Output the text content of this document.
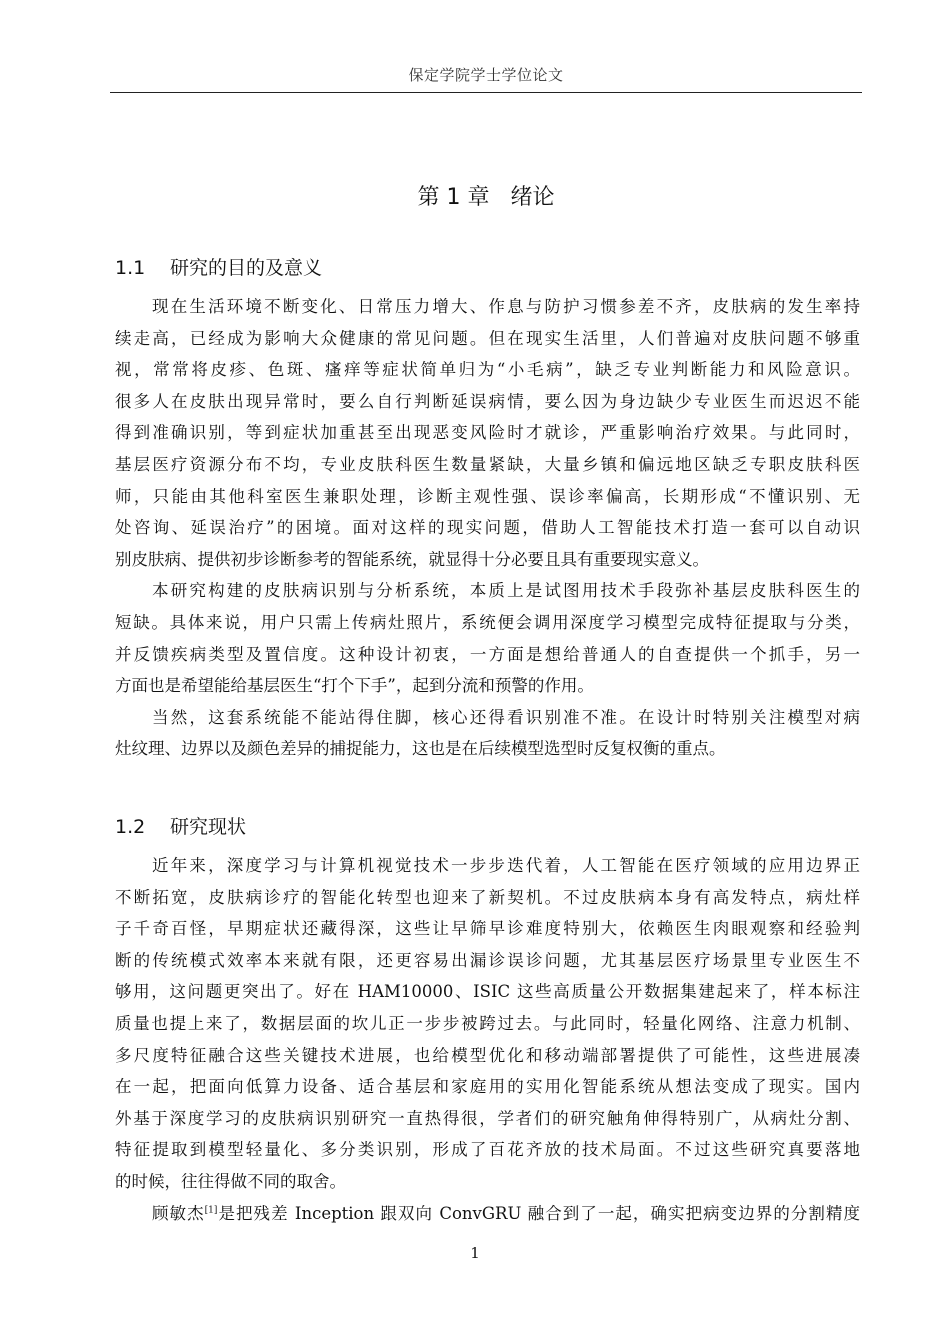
保定学院学士学位论文
第 1 章 绪论
1.1 研究的目的及意义
现在生活环境不断变化、日常压力增大、作息与防护习惯参差不齐，皮肤病的发生率持
续走高，已经成为影响大众健康的常见问题。但在现实生活里，人们普遍对皮肤问题不够重
视，常常将皮疹、色斑、瘙痒等症状简单归为“小毛病”，缺乏专业判断能力和风险意识。
很多人在皮肤出现异常时，要么自行判断延误病情，要么因为身边缺少专业医生而迟迟不能
得到准确识别，等到症状加重甚至出现恶变风险时才就诊，严重影响治疗效果。与此同时，
基层医疗资源分布不均，专业皮肤科医生数量紧缺，大量乡镇和偏远地区缺乏专职皮肤科医
师，只能由其他科室医生兼职处理，诊断主观性强、误诊率偏高，长期形成“不懂识别、无
处咨询、延误治疗”的困境。面对这样的现实问题，借助人工智能技术打造一套可以自动识
别皮肤病、提供初步诊断参考的智能系统，就显得十分必要且具有重要现实意义。
本研究构建的皮肤病识别与分析系统，本质上是试图用技术手段弥补基层皮肤科医生的
短缺。具体来说，用户只需上传病灶照片，系统便会调用深度学习模型完成特征提取与分类，
并反馈疾病类型及置信度。这种设计初衷，一方面是想给普通人的自查提供一个抓手，另一
方面也是希望能给基层医生“打个下手”，起到分流和预警的作用。
当然，这套系统能不能站得住脚，核心还得看识别准不准。在设计时特别关注模型对病
灶纹理、边界以及颜色差异的捕捉能力，这也是在后续模型选型时反复权衡的重点。
1.2 研究现状
近年来，深度学习与计算机视觉技术一步步迭代着，人工智能在医疗领域的应用边界正
不断拓宽，皮肤病诊疗的智能化转型也迎来了新契机。不过皮肤病本身有高发特点，病灶样
子千奇百怪，早期症状还藏得深，这些让早筛早诊难度特别大，依赖医生肉眼观察和经验判
断的传统模式效率本来就有限，还更容易出漏诊误诊问题，尤其基层医疗场景里专业医生不
够用，这问题更突出了。好在 HAM10000、ISIC 这些高质量公开数据集建起来了，样本标注
质量也提上来了，数据层面的坎儿正一步步被跨过去。与此同时，轻量化网络、注意力机制、
多尺度特征融合这些关键技术进展，也给模型优化和移动端部署提供了可能性，这些进展凑
在一起，把面向低算力设备、适合基层和家庭用的实用化智能系统从想法变成了现实。国内
外基于深度学习的皮肤病识别研究一直热得很，学者们的研究触角伸得特别广，从病灶分割、
特征提取到模型轻量化、多分类识别，形成了百花齐放的技术局面。不过这些研究真要落地
的时候，往往得做不同的取舍。
顾敏杰[1]是把残差 Inception 跟双向 ConvGRU 融合到了一起，确实把病变边界的分割精度
1
